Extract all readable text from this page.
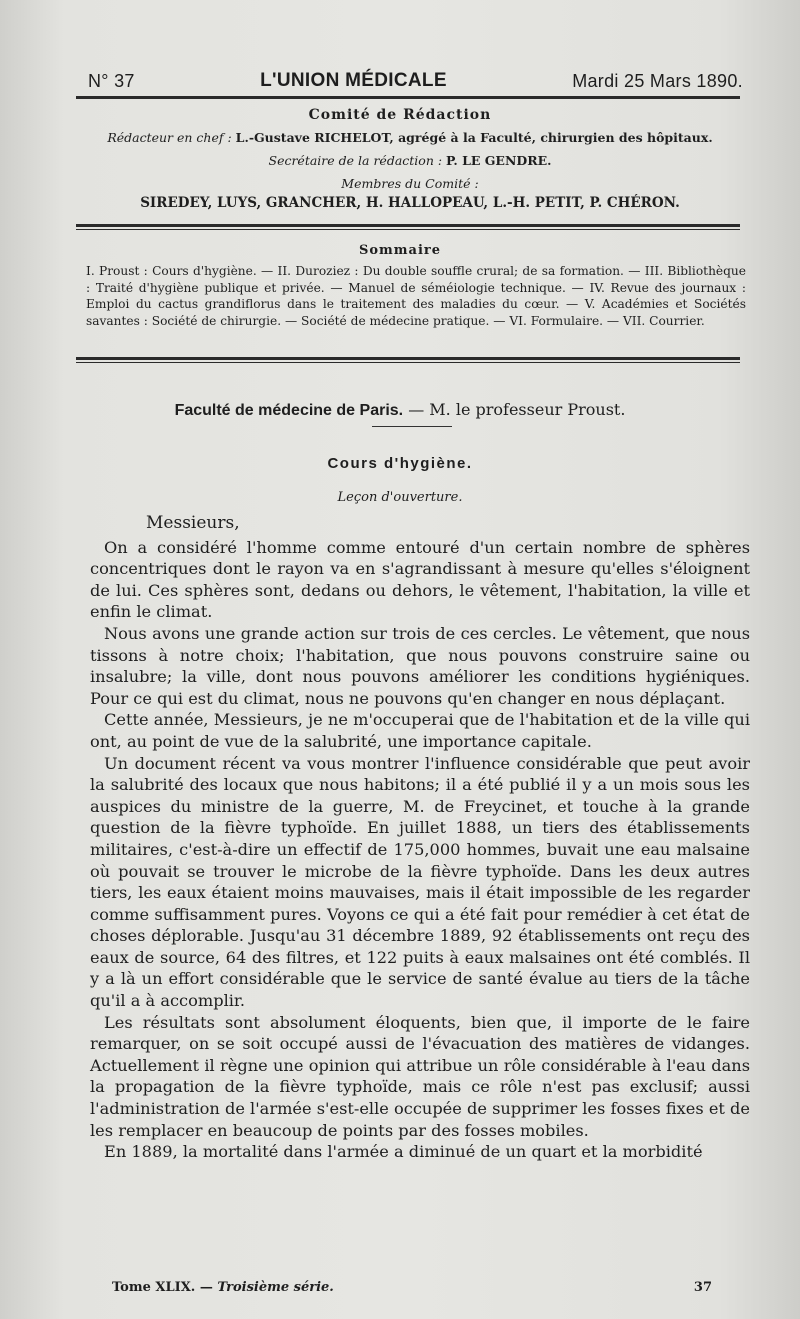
N° 37	L'UNION MÉDICALE	Mardi 25 Mars 1890.
Comité de Rédaction
Rédacteur en chef : L.-Gustave RICHELOT, agrégé à la Faculté, chirurgien des hôpitaux.
Secrétaire de la rédaction : P. LE GENDRE.
Membres du Comité :
SIREDEY, LUYS, GRANCHER, H. HALLOPEAU, L.-H. PETIT, P. CHÉRON.
Sommaire

I. Proust : Cours d'hygiène. — II. Duroziez : Du double souffle crural; de sa formation. — III. Bibliothèque : Traité d'hygiène publique et privée. — Manuel de séméiologie technique. — IV. Revue des journaux : Emploi du cactus grandiflorus dans le traitement des maladies du cœur. — V. Académies et Sociétés savantes : Société de chirurgie. — Société de médecine pratique. — VI. Formulaire. — VII. Courrier.

Faculté de médecine de Paris. — M. le professeur Proust.
Cours d'hygiène.
Leçon d'ouverture.

Messieurs,

On a considéré l'homme comme entouré d'un certain nombre de sphères concentriques dont le rayon va en s'agrandissant à mesure qu'elles s'éloignent de lui. Ces sphères sont, dedans ou dehors, le vêtement, l'habitation, la ville et enfin le climat.

Nous avons une grande action sur trois de ces cercles. Le vêtement, que nous tissons à notre choix; l'habitation, que nous pouvons construire saine ou insalubre; la ville, dont nous pouvons améliorer les conditions hygiéniques. Pour ce qui est du climat, nous ne pouvons qu'en changer en nous déplaçant.

Cette année, Messieurs, je ne m'occuperai que de l'habitation et de la ville qui ont, au point de vue de la salubrité, une importance capitale.

Un document récent va vous montrer l'influence considérable que peut avoir la salubrité des locaux que nous habitons; il a été publié il y a un mois sous les auspices du ministre de la guerre, M. de Freycinet, et touche à la grande question de la fièvre typhoïde. En juillet 1888, un tiers des établissements militaires, c'est-à-dire un effectif de 175,000 hommes, buvait une eau malsaine où pouvait se trouver le microbe de la fièvre typhoïde. Dans les deux autres tiers, les eaux étaient moins mauvaises, mais il était impossible de les regarder comme suffisamment pures. Voyons ce qui a été fait pour remédier à cet état de choses déplorable. Jusqu'au 31 décembre 1889, 92 établissements ont reçu des eaux de source, 64 des filtres, et 122 puits à eaux malsaines ont été comblés. Il y a là un effort considérable que le service de santé évalue au tiers de la tâche qu'il a à accomplir.

Les résultats sont absolument éloquents, bien que, il importe de le faire remarquer, on se soit occupé aussi de l'évacuation des matières de vidanges. Actuellement il règne une opinion qui attribue un rôle considérable à l'eau dans la propagation de la fièvre typhoïde, mais ce rôle n'est pas exclusif; aussi l'administration de l'armée s'est-elle occupée de supprimer les fosses fixes et de les remplacer en beaucoup de points par des fosses mobiles.

En 1889, la mortalité dans l'armée a diminué de un quart et la morbidité

Tome XLIX. — Troisième série.	37
